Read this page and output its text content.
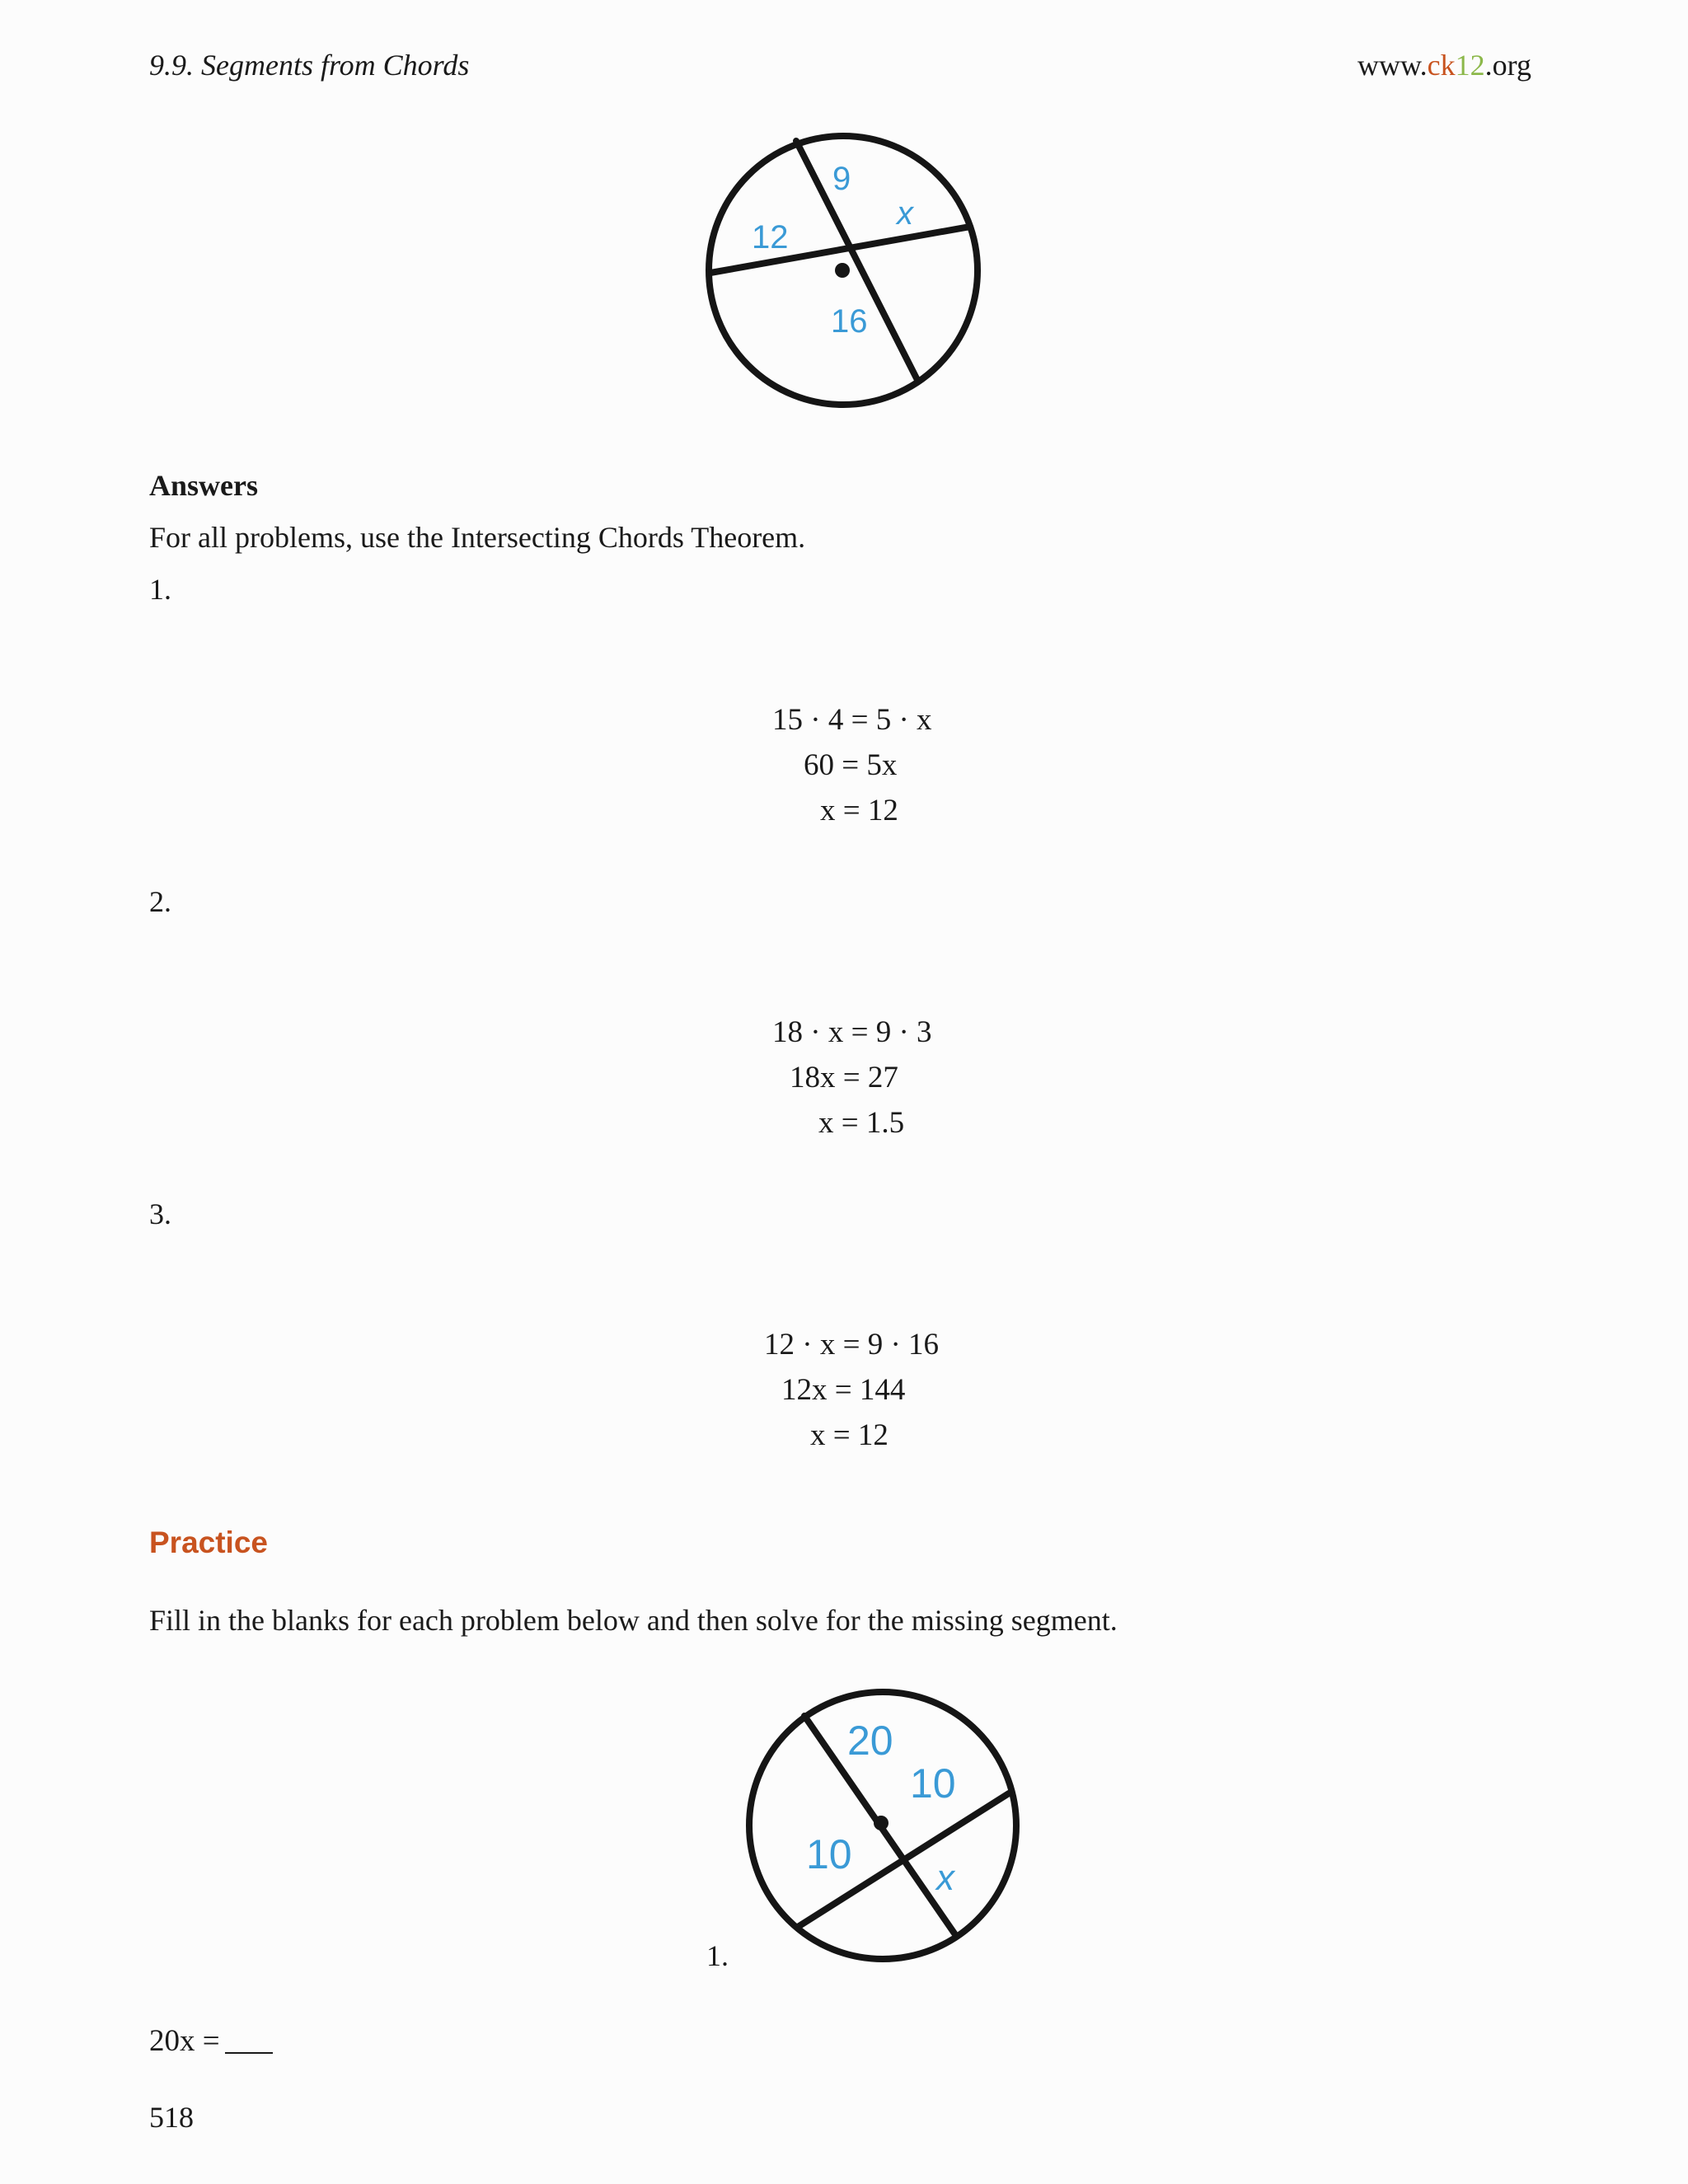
9.9. Segments from Chords	www.ck12.org
9
x
12
16
Answers
For all problems, use the Intersecting Chords Theorem.
1.
15 · 4 = 5 · x
60 = 5x
x = 12
2.
18 · x = 9 · 3
18x = 27
x = 1.5
3.
12 · x = 9 · 16
12x = 144
x = 12
Practice
Fill in the blanks for each problem below and then solve for the missing segment.
20
10
10
x
1.
20x =
518
